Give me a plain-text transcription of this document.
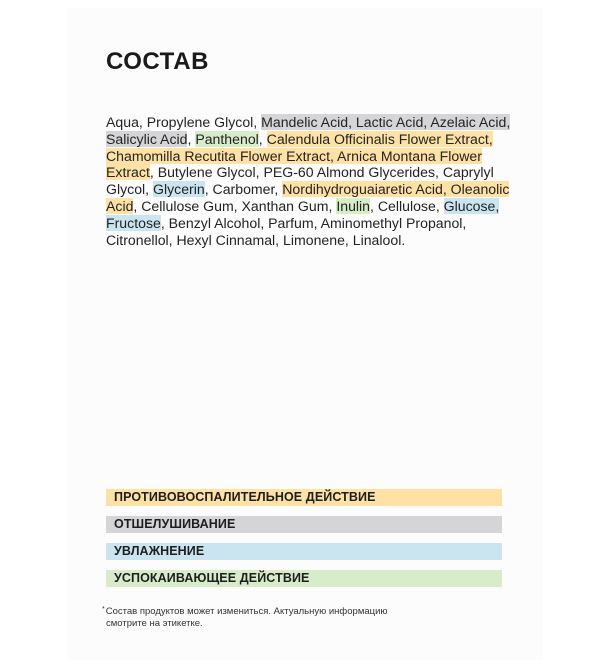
СОСТАВ
Aqua, Propylene Glycol, Mandelic Acid, Lactic Acid, Azelaic Acid, Salicylic Acid, Panthenol, Calendula Officinalis Flower Extract, Chamomilla Recutita Flower Extract, Arnica Montana Flower Extract, Butylene Glycol, PEG-60 Almond Glycerides, Caprylyl Glycol, Glycerin, Carbomer, Nordihydroguaiaretic Acid, Oleanolic Acid, Cellulose Gum, Xanthan Gum, Inulin, Cellulose, Glucose, Fructose, Benzyl Alcohol, Parfum, Aminomethyl Propanol, Citronellol, Hexyl Cinnamal, Limonene, Linalool.
ПРОТИВОВОСПАЛИТЕЛЬНОЕ ДЕЙСТВИЕ
ОТШЕЛУШИВАНИЕ
УВЛАЖНЕНИЕ
УСПОКАИВАЮЩЕЕ ДЕЙСТВИЕ
*Состав продуктов может измениться. Актуальную информацию
смотрите на этикетке.
